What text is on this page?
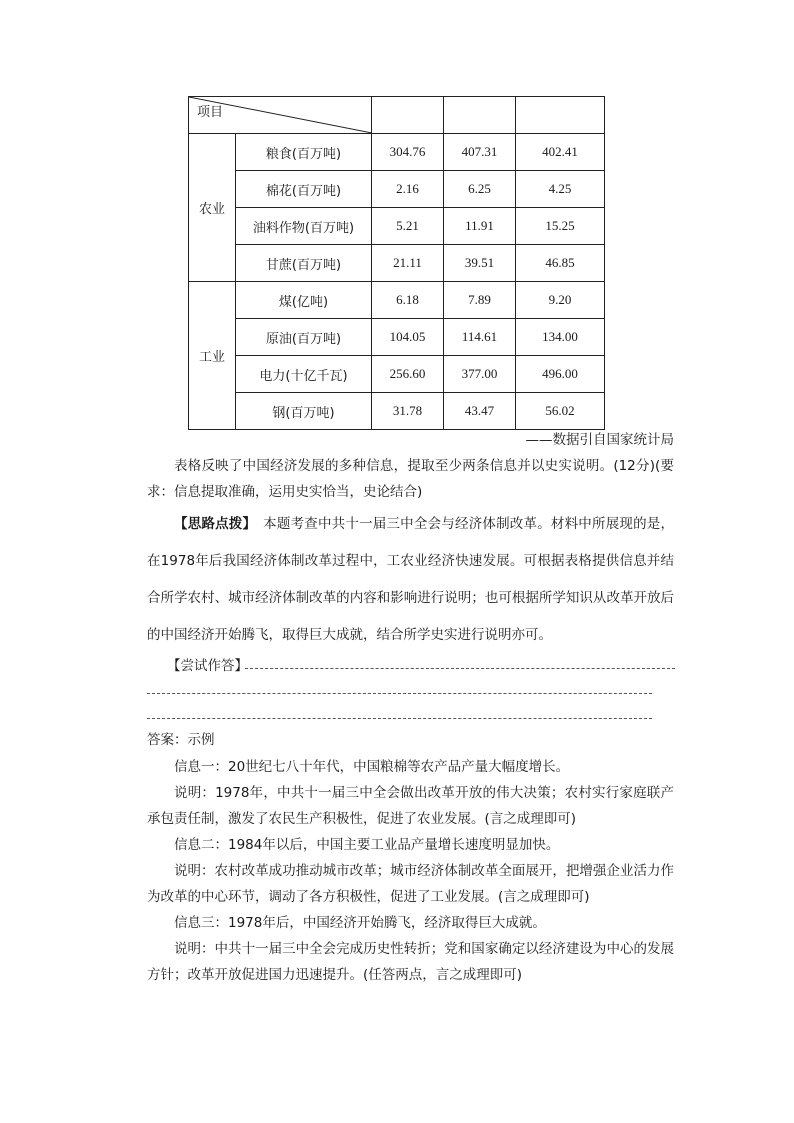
项目				

农业	粮食(百万吨)	304.76	407.31	402.41
	棉花(百万吨)	2.16	6.25	4.25
	油料作物(百万吨)	5.21	11.91	15.25
	甘蔗(百万吨)	21.11	39.51	46.85
工业	煤(亿吨)	6.18	7.89	9.20
	原油(百万吨)	104.05	114.61	134.00
	电力(十亿千瓦)	256.60	377.00	496.00
	钢(百万吨)	31.78	43.47	56.02
——数据引自国家统计局
表格反映了中国经济发展的多种信息，提取至少两条信息并以史实说明。(12分)(要求：信息提取准确，运用史实恰当，史论结合)
【思路点拨】　本题考查中共十一届三中全会与经济体制改革。材料中所展现的是，在1978年后我国经济体制改革过程中，工农业经济快速发展。可根据表格提供信息并结合所学农村、城市经济体制改革的内容和影响进行说明；也可根据所学知识从改革开放后的中国经济开始腾飞，取得巨大成就，结合所学史实进行说明亦可。
【尝试作答】
答案：示例
信息一：20世纪七八十年代，中国粮棉等农产品产量大幅度增长。
说明：1978年，中共十一届三中全会做出改革开放的伟大决策；农村实行家庭联产承包责任制，激发了农民生产积极性，促进了农业发展。(言之成理即可)
信息二：1984年以后，中国主要工业品产量增长速度明显加快。
说明：农村改革成功推动城市改革；城市经济体制改革全面展开，把增强企业活力作为改革的中心环节，调动了各方积极性，促进了工业发展。(言之成理即可)
信息三：1978年后，中国经济开始腾飞，经济取得巨大成就。
说明：中共十一届三中全会完成历史性转折；党和国家确定以经济建设为中心的发展方针；改革开放促进国力迅速提升。(任答两点，言之成理即可)
